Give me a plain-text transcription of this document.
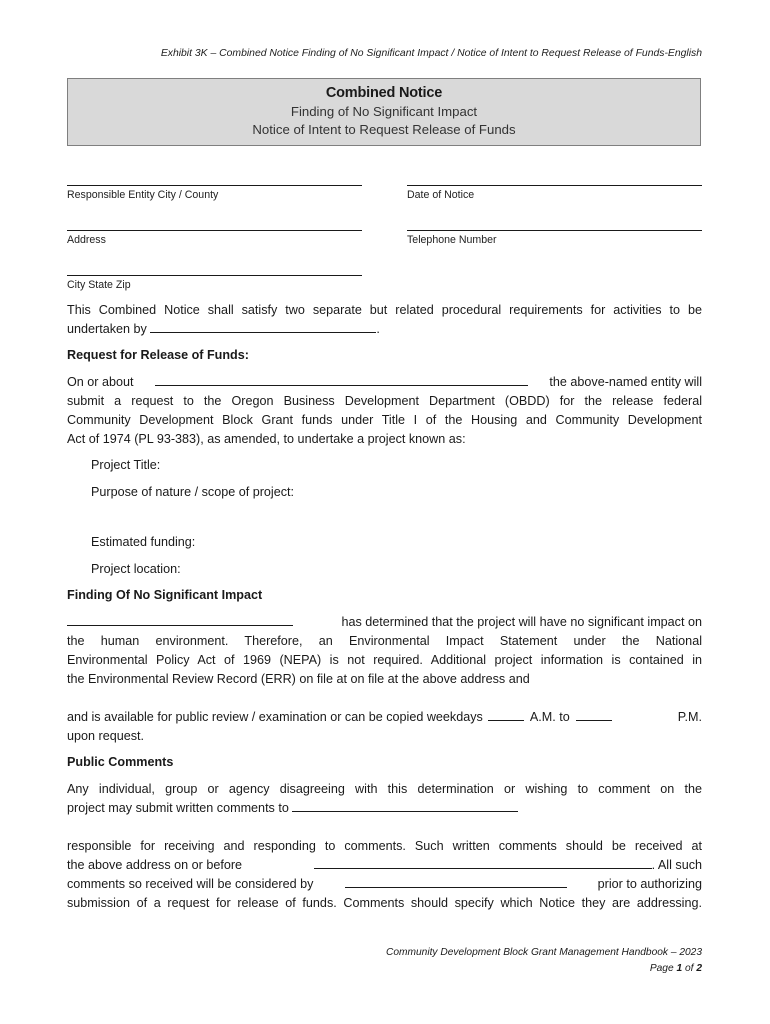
Exhibit 3K – Combined Notice Finding of No Significant Impact / Notice of Intent to Request Release of Funds-English
Combined Notice
Finding of No Significant Impact
Notice of Intent to Request Release of Funds
Responsible Entity City / County	Date of Notice
Address	Telephone Number
City State Zip
This Combined Notice shall satisfy two separate but related procedural requirements for activities to be
undertaken by	.
Request for Release of Funds:
On or about	the above-named entity will
submit a request to the Oregon Business Development Department (OBDD) for the release federal
Community Development Block Grant funds under Title I of the Housing and Community Development
Act of 1974 (PL 93-383), as amended, to undertake a project known as:
Project Title:
Purpose of nature / scope of project:
Estimated funding:
Project location:
Finding Of No Significant Impact
has determined that the project will have no significant impact on
the human environment. Therefore, an Environmental Impact Statement under the National
Environmental Policy Act of 1969 (NEPA) is not required. Additional project information is contained in
the Environmental Review Record (ERR) on file at on file at the above address and
and is available for public review / examination or can be copied weekdays	A.M. to	P.M.
upon request.
Public Comments
Any individual, group or agency disagreeing with this determination or wishing to comment on the
project may submit written comments to
responsible for receiving and responding to comments. Such written comments should be received at
the above address on or before	. All such
comments so received will be considered by	prior to authorizing
submission of a request for release of funds. Comments should specify which Notice they are addressing.
Community Development Block Grant Management Handbook – 2023
Page 1 of 2
